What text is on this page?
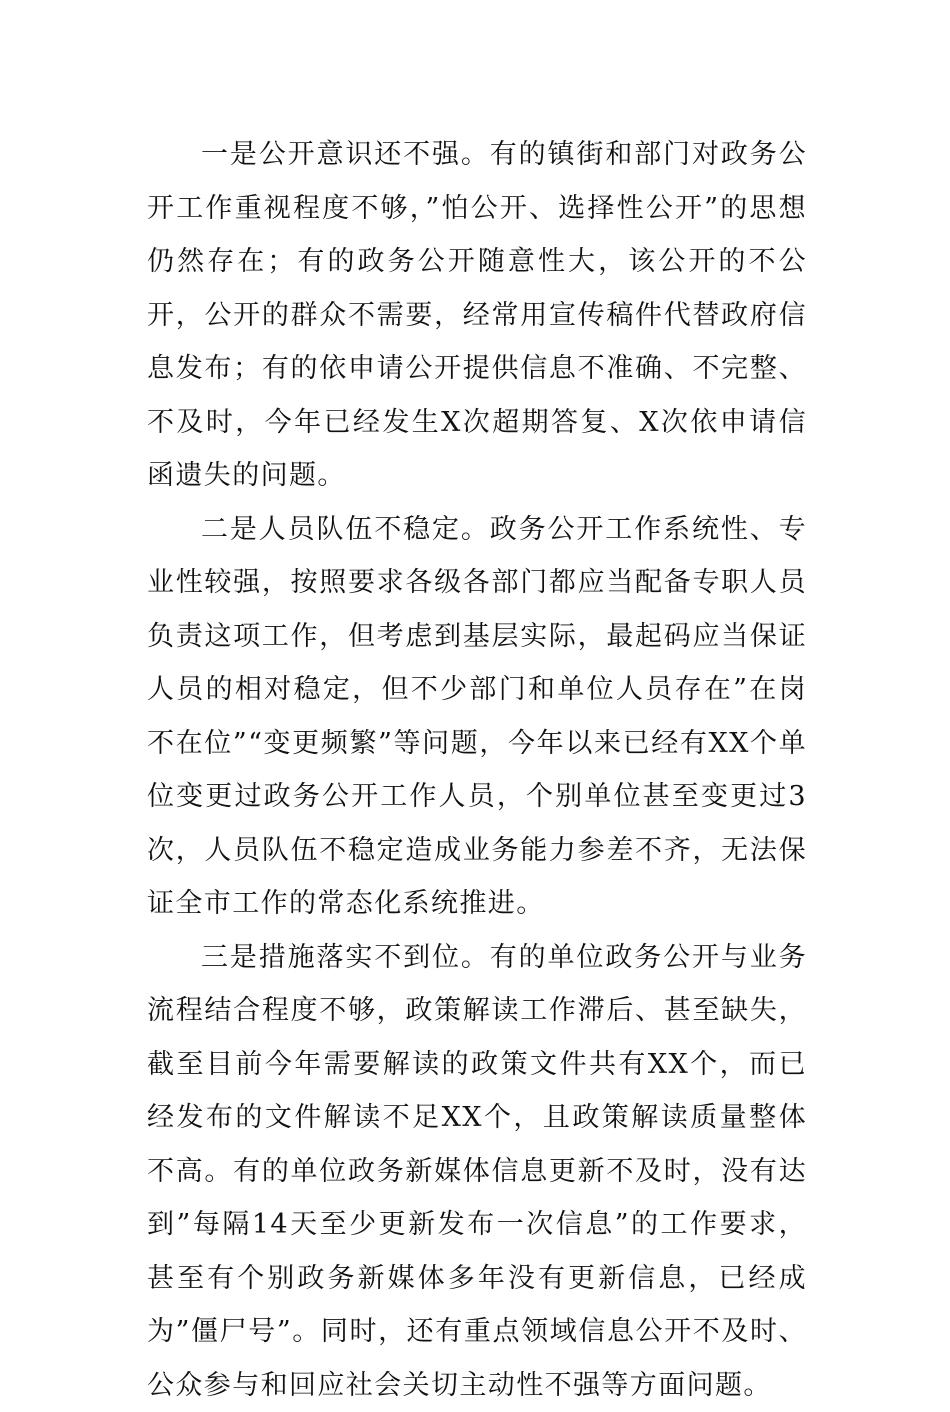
一是公开意识还不强。有的镇街和部门对政务公开工作重视程度不够，”怕公开、选择性公开”的思想仍然存在；有的政务公开随意性大，该公开的不公开，公开的群众不需要，经常用宣传稿件代替政府信息发布；有的依申请公开提供信息不准确、不完整、不及时，今年已经发生X次超期答复、X次依申请信函遗失的问题。

二是人员队伍不稳定。政务公开工作系统性、专业性较强，按照要求各级各部门都应当配备专职人员负责这项工作，但考虑到基层实际，最起码应当保证人员的相对稳定，但不少部门和单位人员存在”在岗不在位”“变更频繁”等问题，今年以来已经有XX个单位变更过政务公开工作人员，个别单位甚至变更过3次，人员队伍不稳定造成业务能力参差不齐，无法保证全市工作的常态化系统推进。

三是措施落实不到位。有的单位政务公开与业务流程结合程度不够，政策解读工作滞后、甚至缺失，截至目前今年需要解读的政策文件共有XX个，而已经发布的文件解读不足XX个，且政策解读质量整体不高。有的单位政务新媒体信息更新不及时，没有达到”每隔14天至少更新发布一次信息”的工作要求，甚至有个别政务新媒体多年没有更新信息，已经成为”僵尸号”。同时，还有重点领域信息公开不及时、公众参与和回应社会关切主动性不强等方面问题。
